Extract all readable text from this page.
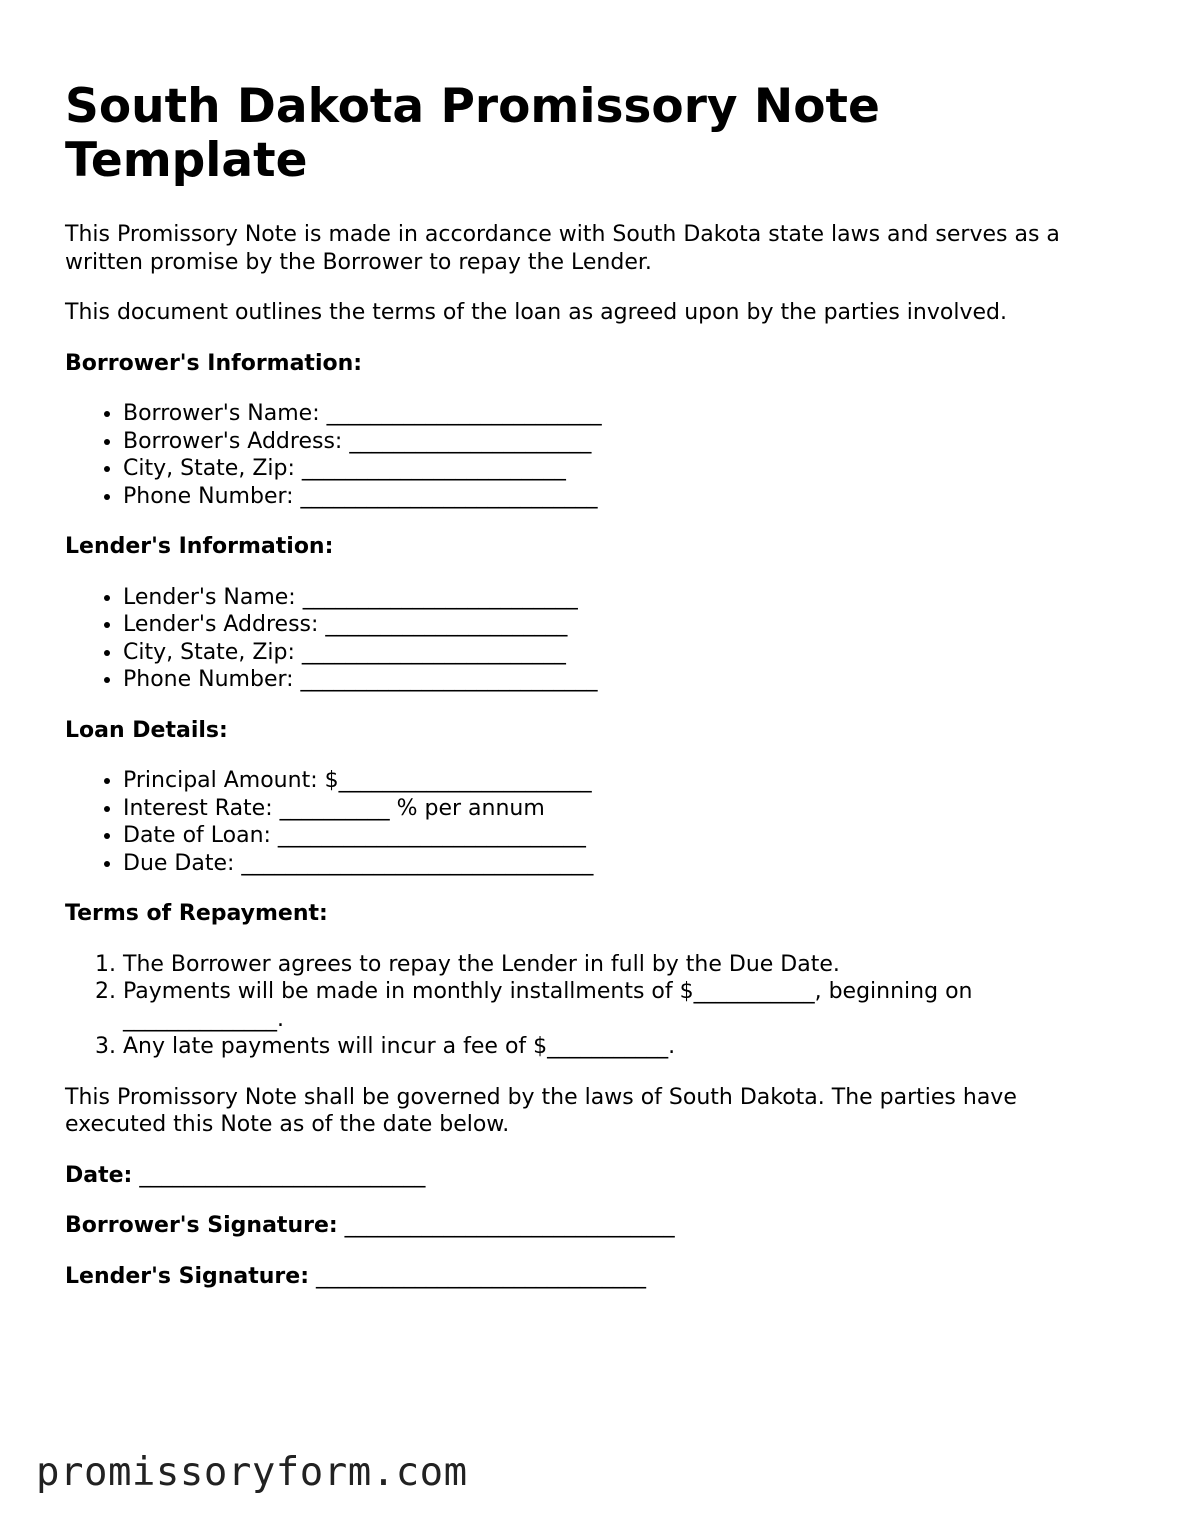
South Dakota Promissory Note Template

This Promissory Note is made in accordance with South Dakota state laws and serves as a written promise by the Borrower to repay the Lender.

This document outlines the terms of the loan as agreed upon by the parties involved.

Borrower's Information:

• Borrower's Name: _________________________
• Borrower's Address: ______________________
• City, State, Zip: ________________________
• Phone Number: ___________________________

Lender's Information:

• Lender's Name: _________________________
• Lender's Address: ______________________
• City, State, Zip: ________________________
• Phone Number: ___________________________

Loan Details:

• Principal Amount: $_______________________
• Interest Rate: __________ % per annum
• Date of Loan: ____________________________
• Due Date: ________________________________

Terms of Repayment:

1. The Borrower agrees to repay the Lender in full by the Due Date.
2. Payments will be made in monthly installments of $___________, beginning on ______________.
3. Any late payments will incur a fee of $___________.

This Promissory Note shall be governed by the laws of South Dakota. The parties have executed this Note as of the date below.

Date: __________________________

Borrower's Signature: ______________________________

Lender's Signature: ______________________________

promissoryform.com
